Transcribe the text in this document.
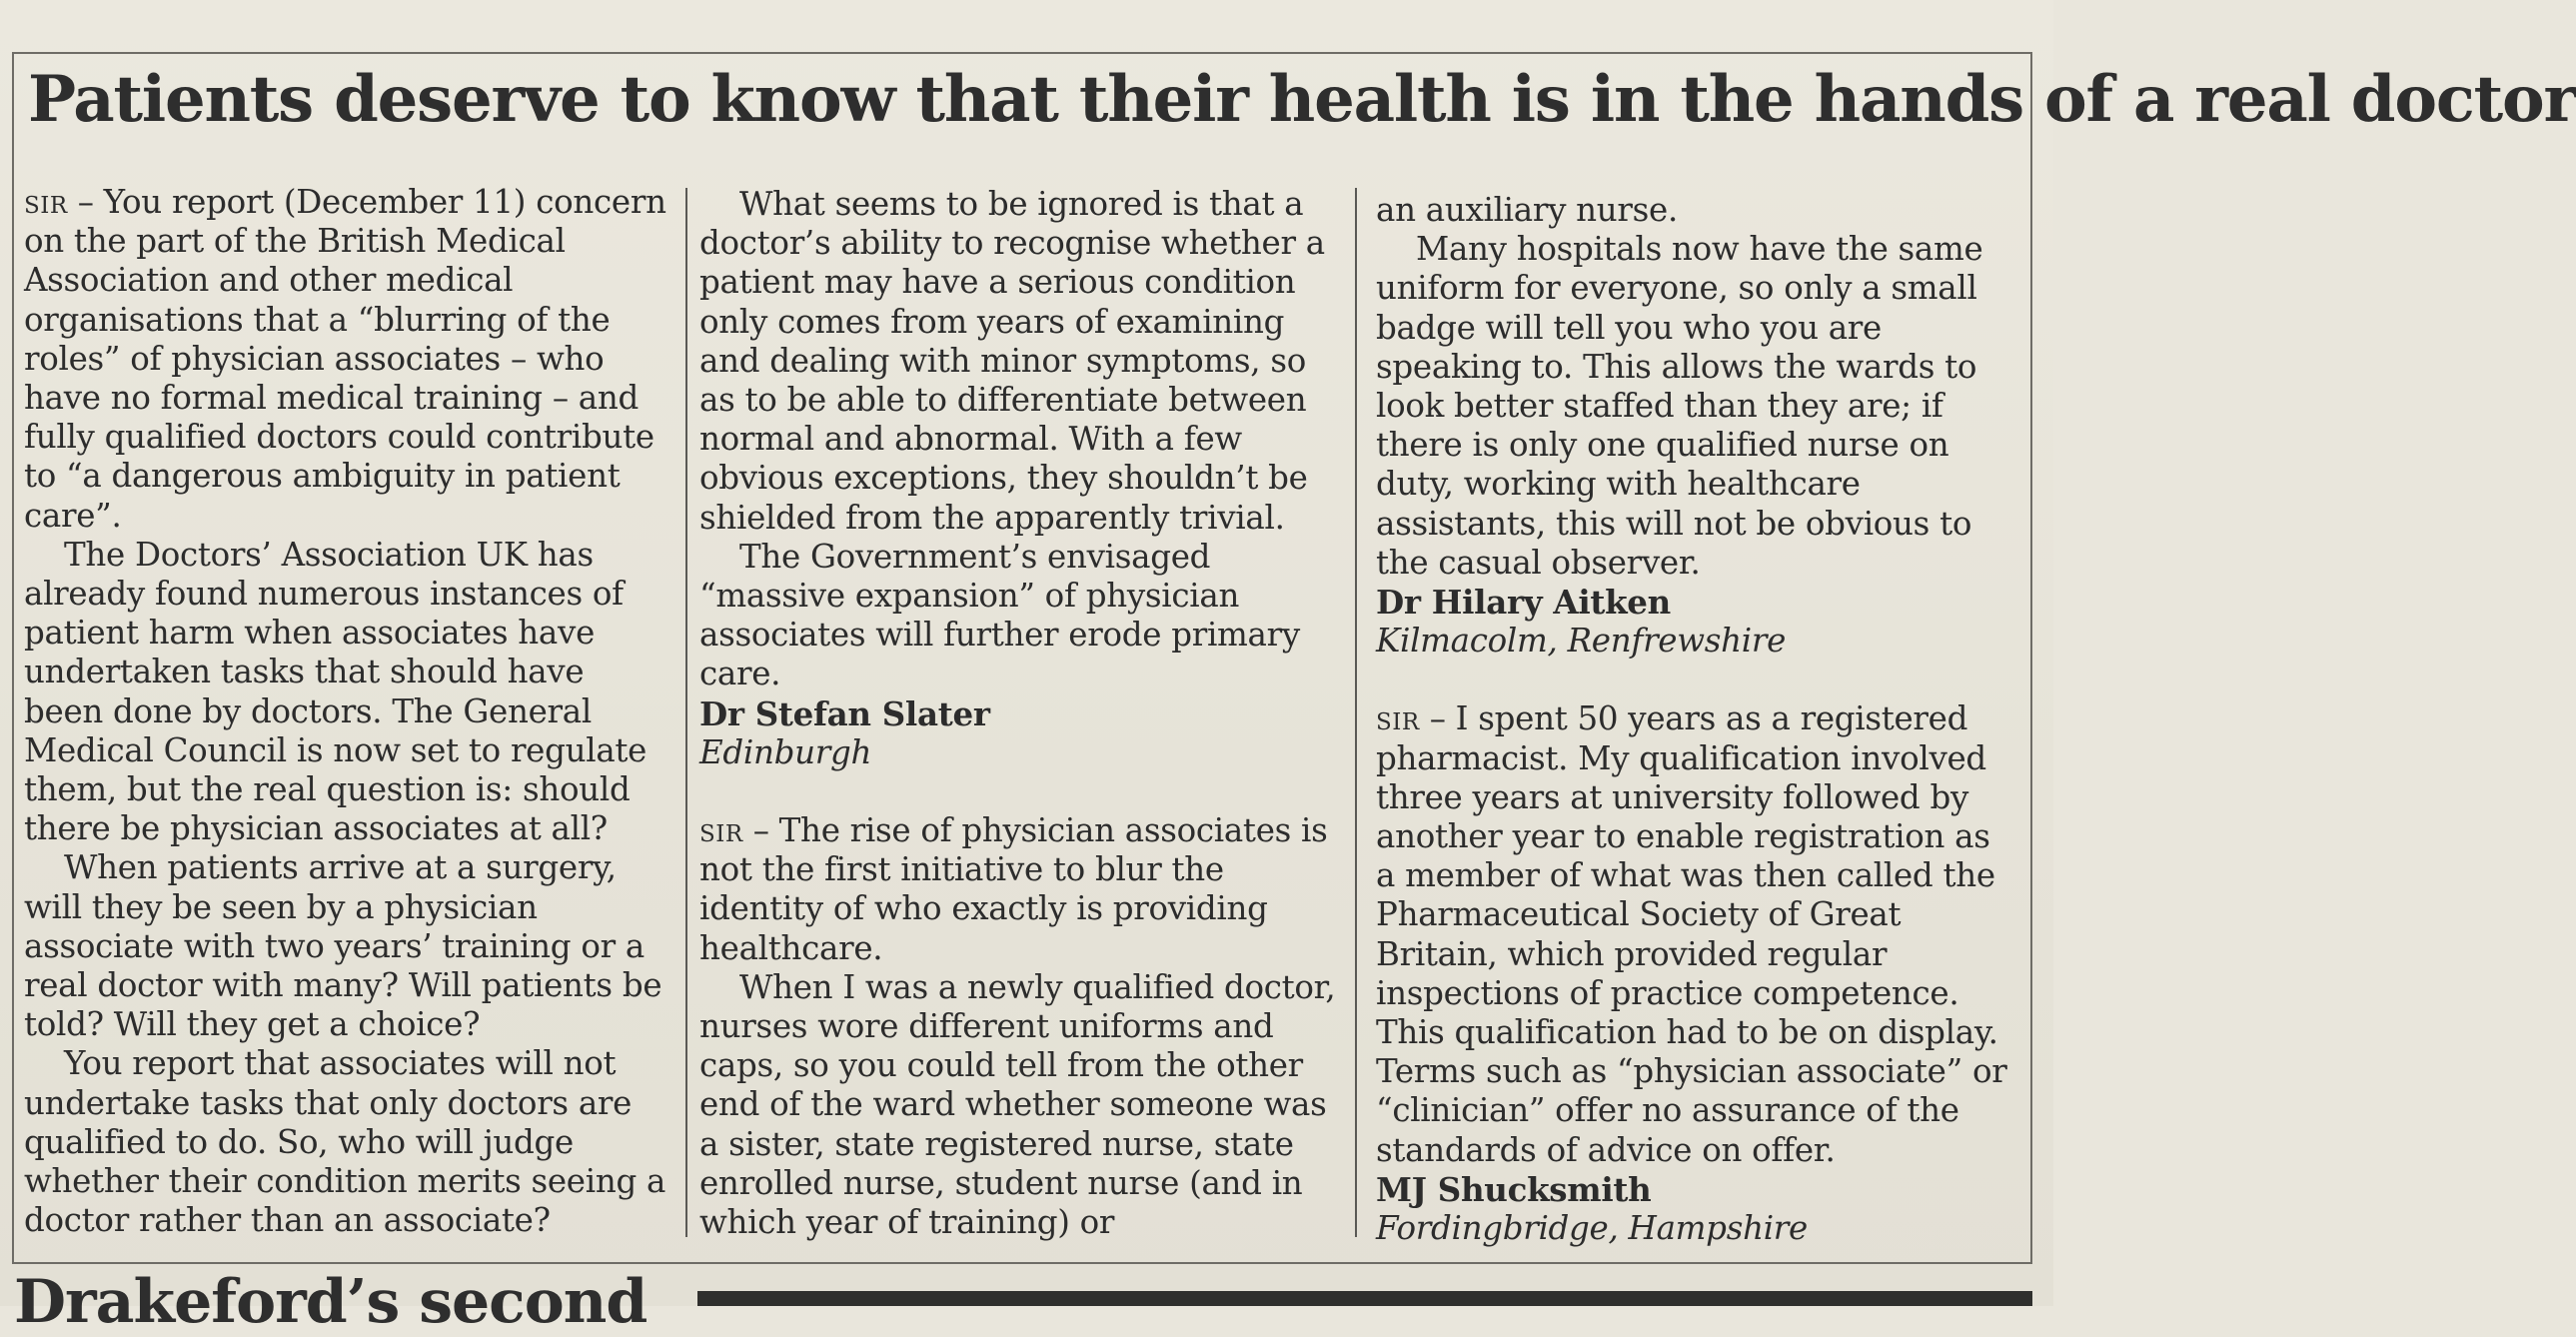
Patients deserve to know that their health is in the hands of a real doctor

sir – You report (December 11) concern on the part of the British Medical Association and other medical organisations that a “blurring of the roles” of physician associates – who have no formal medical training – and fully qualified doctors could contribute to “a dangerous ambiguity in patient care”.

The Doctors’ Association UK has already found numerous instances of patient harm when associates have undertaken tasks that should have been done by doctors. The General Medical Council is now set to regulate them, but the real question is: should there be physician associates at all?

When patients arrive at a surgery, will they be seen by a physician associate with two years’ training or a real doctor with many? Will patients be told? Will they get a choice?

You report that associates will not undertake tasks that only doctors are qualified to do. So, who will judge whether their condition merits seeing a doctor rather than an associate?

What seems to be ignored is that a doctor’s ability to recognise whether a patient may have a serious condition only comes from years of examining and dealing with minor symptoms, so as to be able to differentiate between normal and abnormal. With a few obvious exceptions, they shouldn’t be shielded from the apparently trivial.

The Government’s envisaged “massive expansion” of physician associates will further erode primary care.

Dr Stefan Slater

Edinburgh

sir – The rise of physician associates is not the first initiative to blur the identity of who exactly is providing healthcare.

When I was a newly qualified doctor, nurses wore different uniforms and caps, so you could tell from the other end of the ward whether someone was a sister, state registered nurse, state enrolled nurse, student nurse (and in which year of training) or

an auxiliary nurse.

Many hospitals now have the same uniform for everyone, so only a small badge will tell you who you are speaking to. This allows the wards to look better staffed than they are; if there is only one qualified nurse on duty, working with healthcare assistants, this will not be obvious to the casual observer.

Dr Hilary Aitken

Kilmacolm, Renfrewshire

sir – I spent 50 years as a registered pharmacist. My qualification involved three years at university followed by another year to enable registration as a member of what was then called the Pharmaceutical Society of Great Britain, which provided regular inspections of practice competence. This qualification had to be on display. Terms such as “physician associate” or “clinician” offer no assurance of the standards of advice on offer.

MJ Shucksmith

Fordingbridge, Hampshire

Drakeford’s second
